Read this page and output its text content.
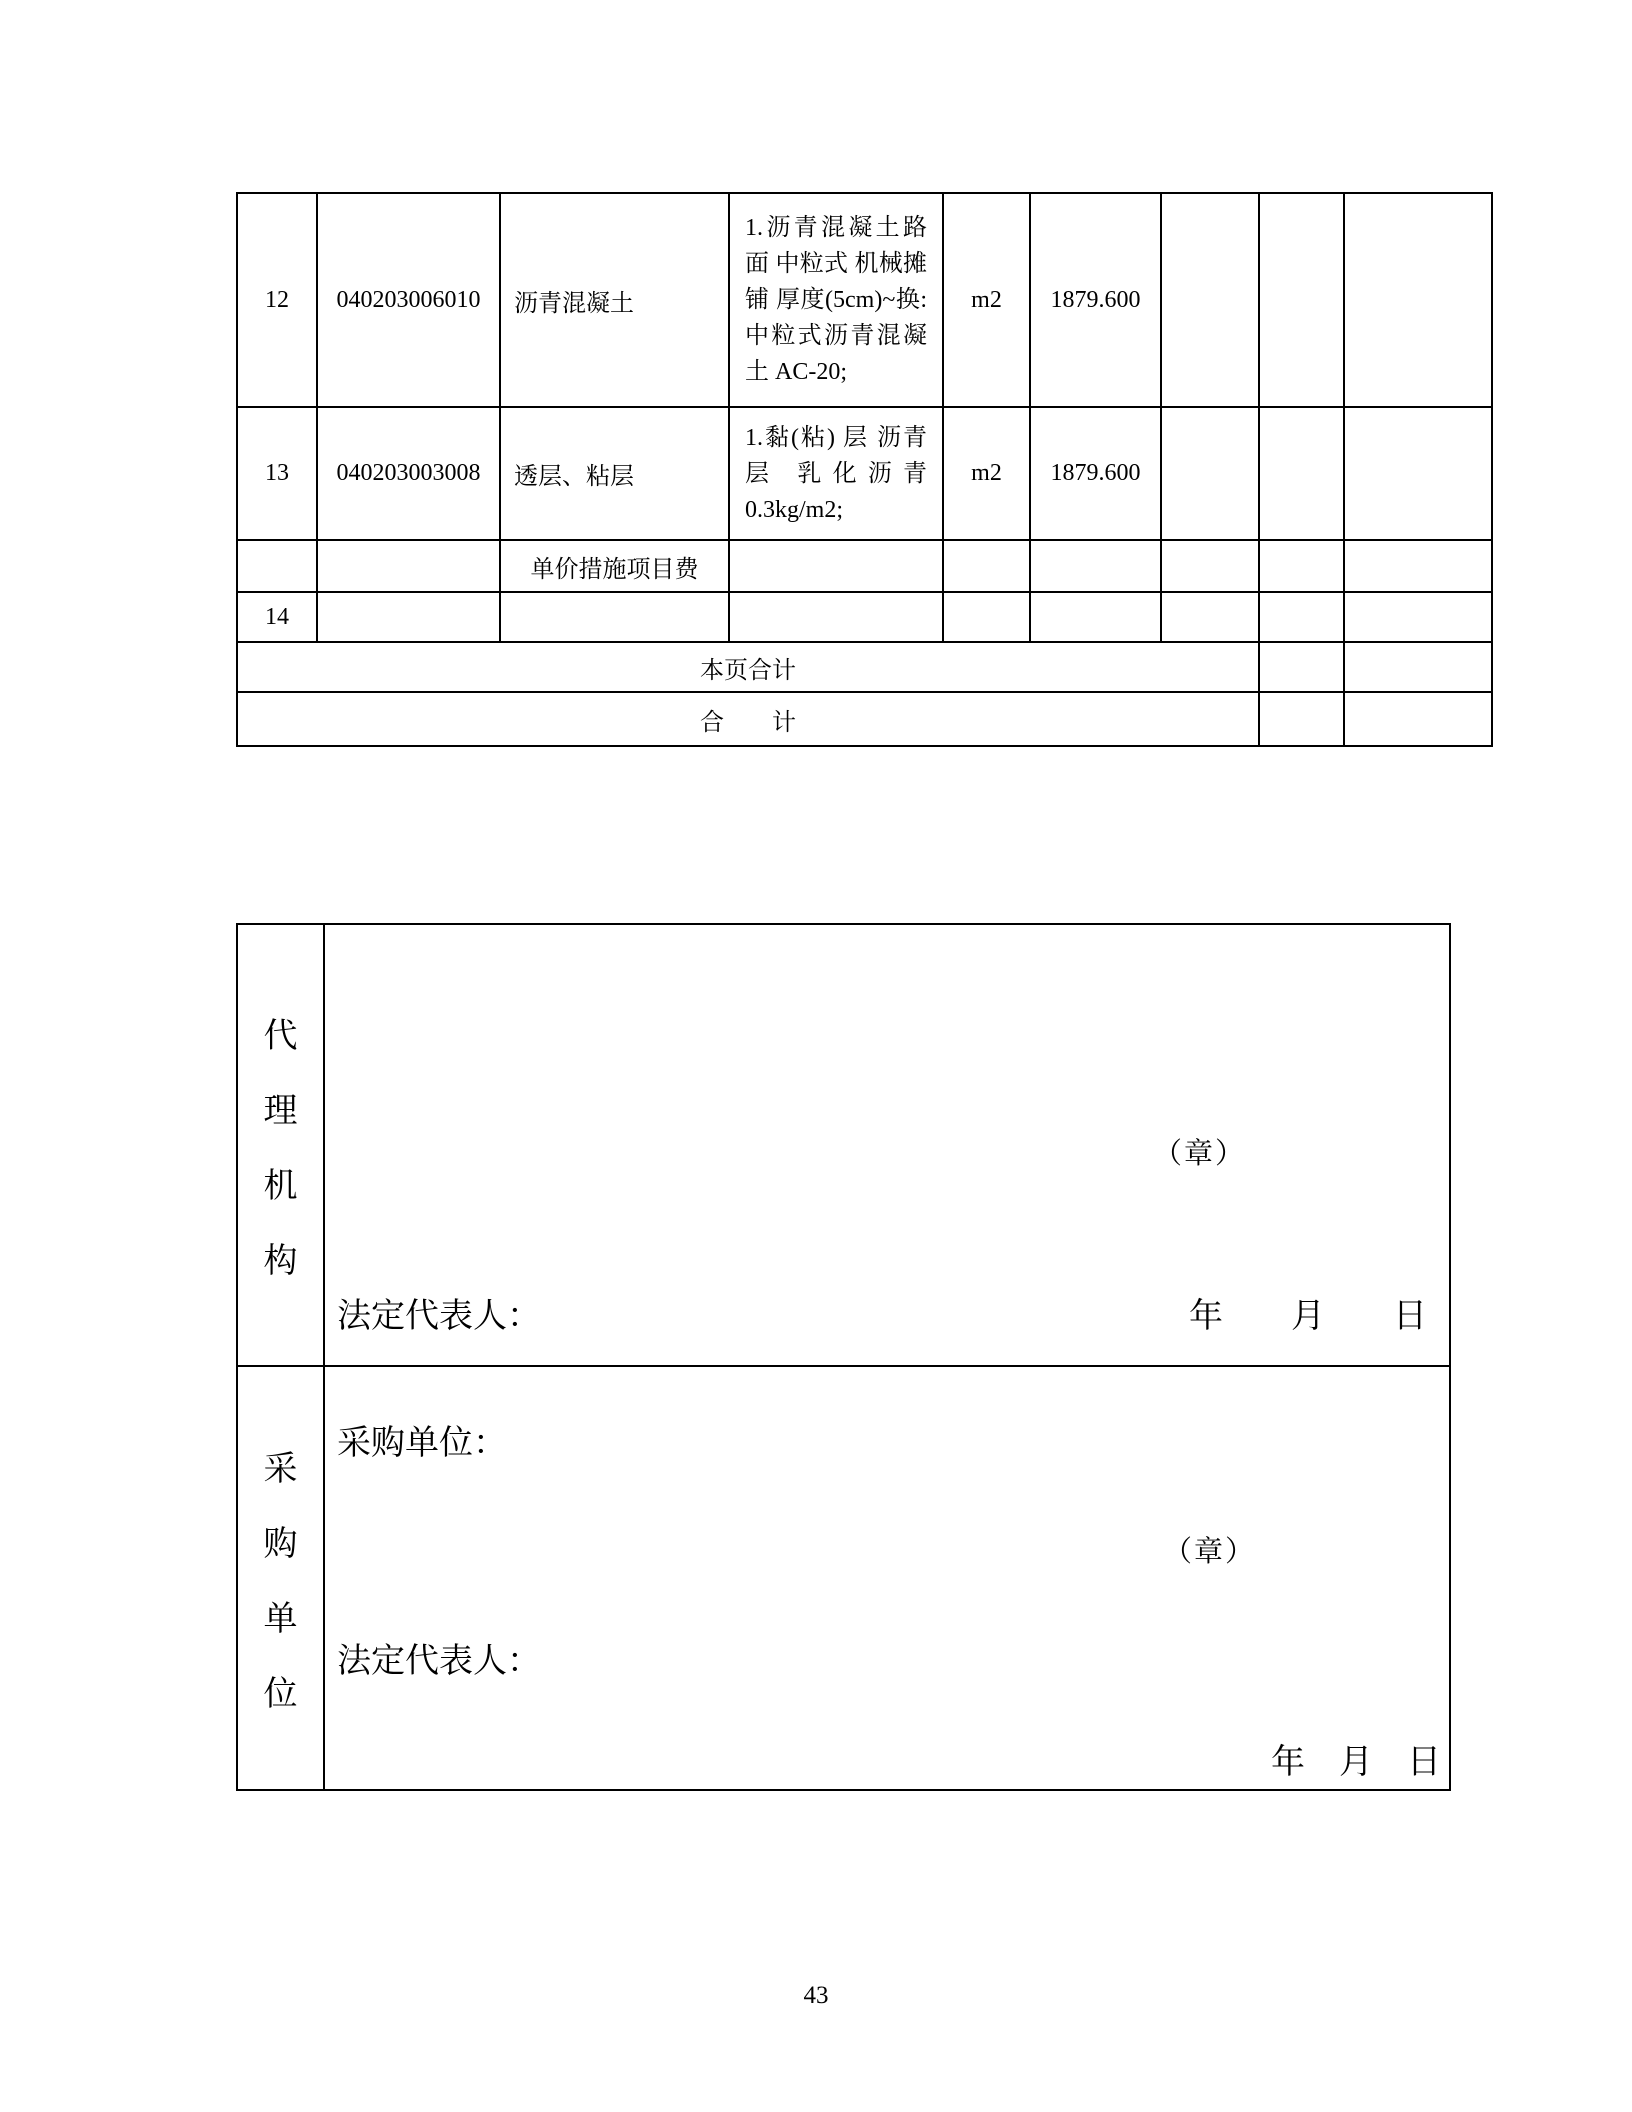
12	040203006010	沥青混凝土	1.沥青混凝土路面 中粒式 机械摊铺 厚度(5cm)~换:中粒式沥青混凝土 AC-20;	m2	1879.600			
13	040203003008	透层、粘层	1.黏(粘) 层 沥青层 乳化沥青 0.3kg/m2;	m2	1879.600			
		单价措施项目费						
14								
本页合计								
合　　计								
代
理
机
构
（章）
法定代表人：	年　　月　　日
采
购
单
位
采购单位：
（章）
法定代表人：
年　月　日
43
